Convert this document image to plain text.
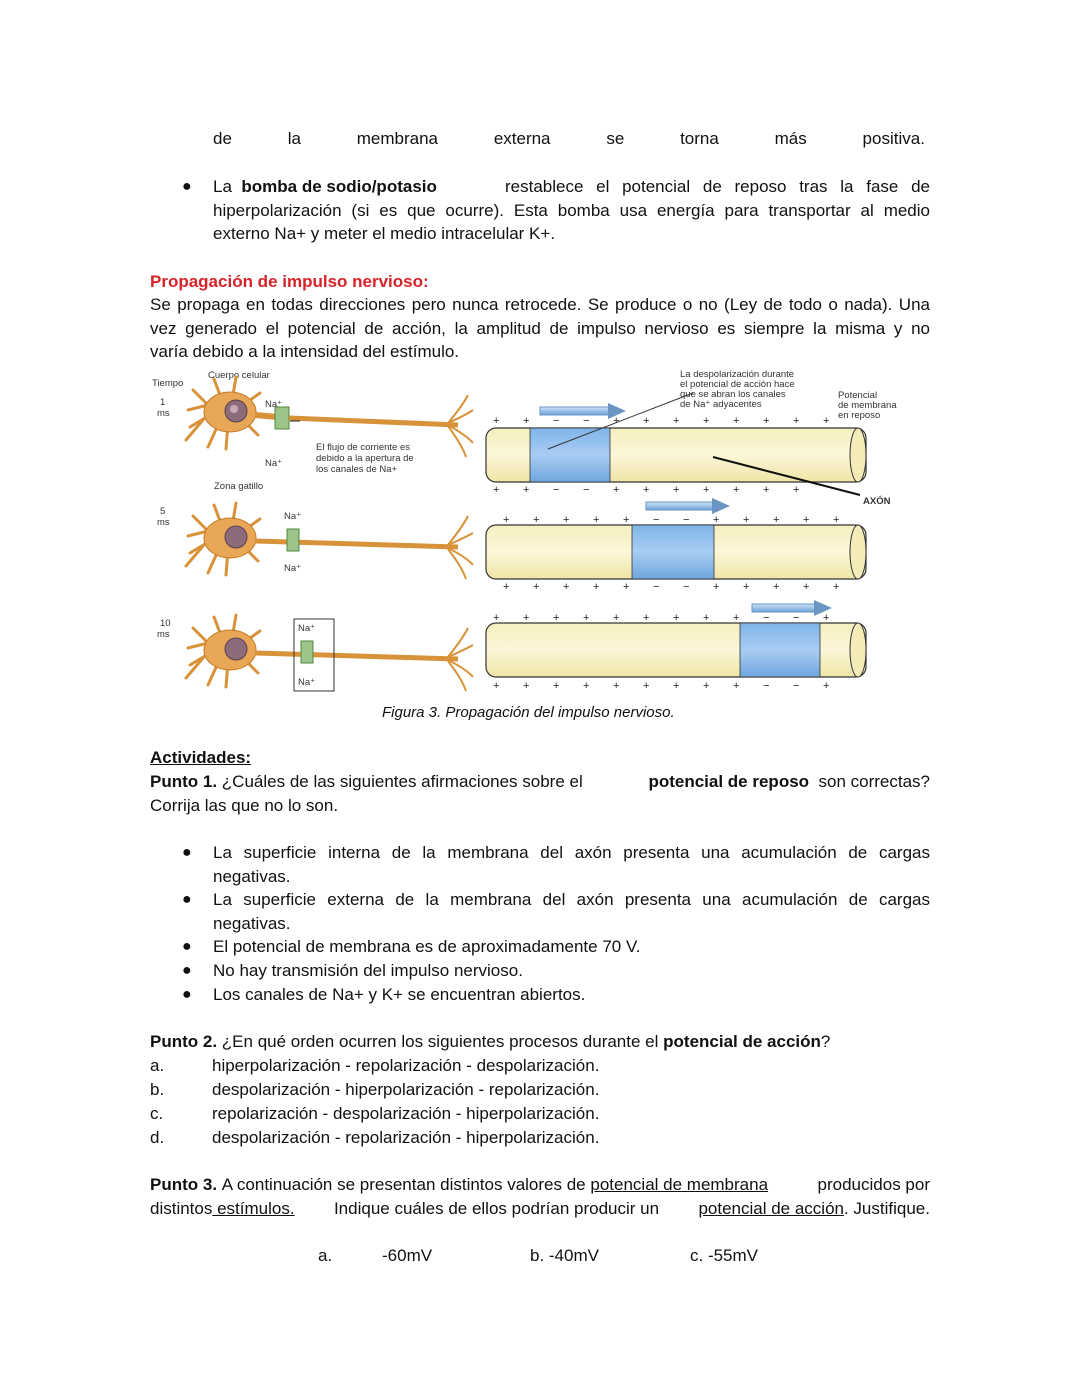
de	la	membrana	externa	se	torna	más	positiva.
● La bomba de sodio/potasio	restablece el potencial de reposo tras la fase de
hiperpolarización (si es que ocurre). Esta bomba usa energía para transportar al medio
externo Na+ y meter el medio intracelular K+.
Propagación de impulso nervioso:
Se propaga en todas direcciones pero nunca retrocede. Se produce o no (Ley de todo o nada). Una
vez generado el potencial de acción, la amplitud de impulso nervioso es siempre la misma y no
varía debido a la intensidad del estímulo.
Tiempo
Cuerpo celular
1
ms
5
ms
10
ms
Na⁺
Na⁺
El flujo de corriente es
debido a la apertura de
los canales de Na+
Zona gatillo
Na⁺
Na⁺
Na⁺
Na⁺
+ + − − + + + + + + + +
+ + − − + + + + + + +
+ + + + + − − + + + + +
+ + + + + − − + + + + +
+ + + + + + + + + − − +
+ + + + + + + + + − − +
La despolarización durante
el potencial de acción hace
que se abran los canales
de Na⁺ adyacentes
Potencial
de membrana
en reposo
AXÓN
Figura 3. Propagación del impulso nervioso.
Actividades:
Punto 1. ¿Cuáles de las siguientes afirmaciones sobre el	potencial de reposo son correctas?
Corrija las que no lo son.
● La superficie interna de la membrana del axón presenta una acumulación de cargas
negativas.
● La superficie externa de la membrana del axón presenta una acumulación de cargas
negativas.
● El potencial de membrana es de aproximadamente 70 V.
● No hay transmisión del impulso nervioso.
● Los canales de Na+ y K+ se encuentran abiertos.
Punto 2. ¿En qué orden ocurren los siguientes procesos durante el potencial de acción?
a.	hiperpolarización - repolarización - despolarización.
b.	despolarización - hiperpolarización - repolarización.
c.	repolarización - despolarización - hiperpolarización.
d.	despolarización - repolarización - hiperpolarización.
Punto 3. A continuación se presentan distintos valores de potencial de membrana	producidos por
distintos estímulos. Indique cuáles de ellos podrían producir un potencial de acción. Justifique.
a.	-60mV	b. -40mV	c. -55mV
